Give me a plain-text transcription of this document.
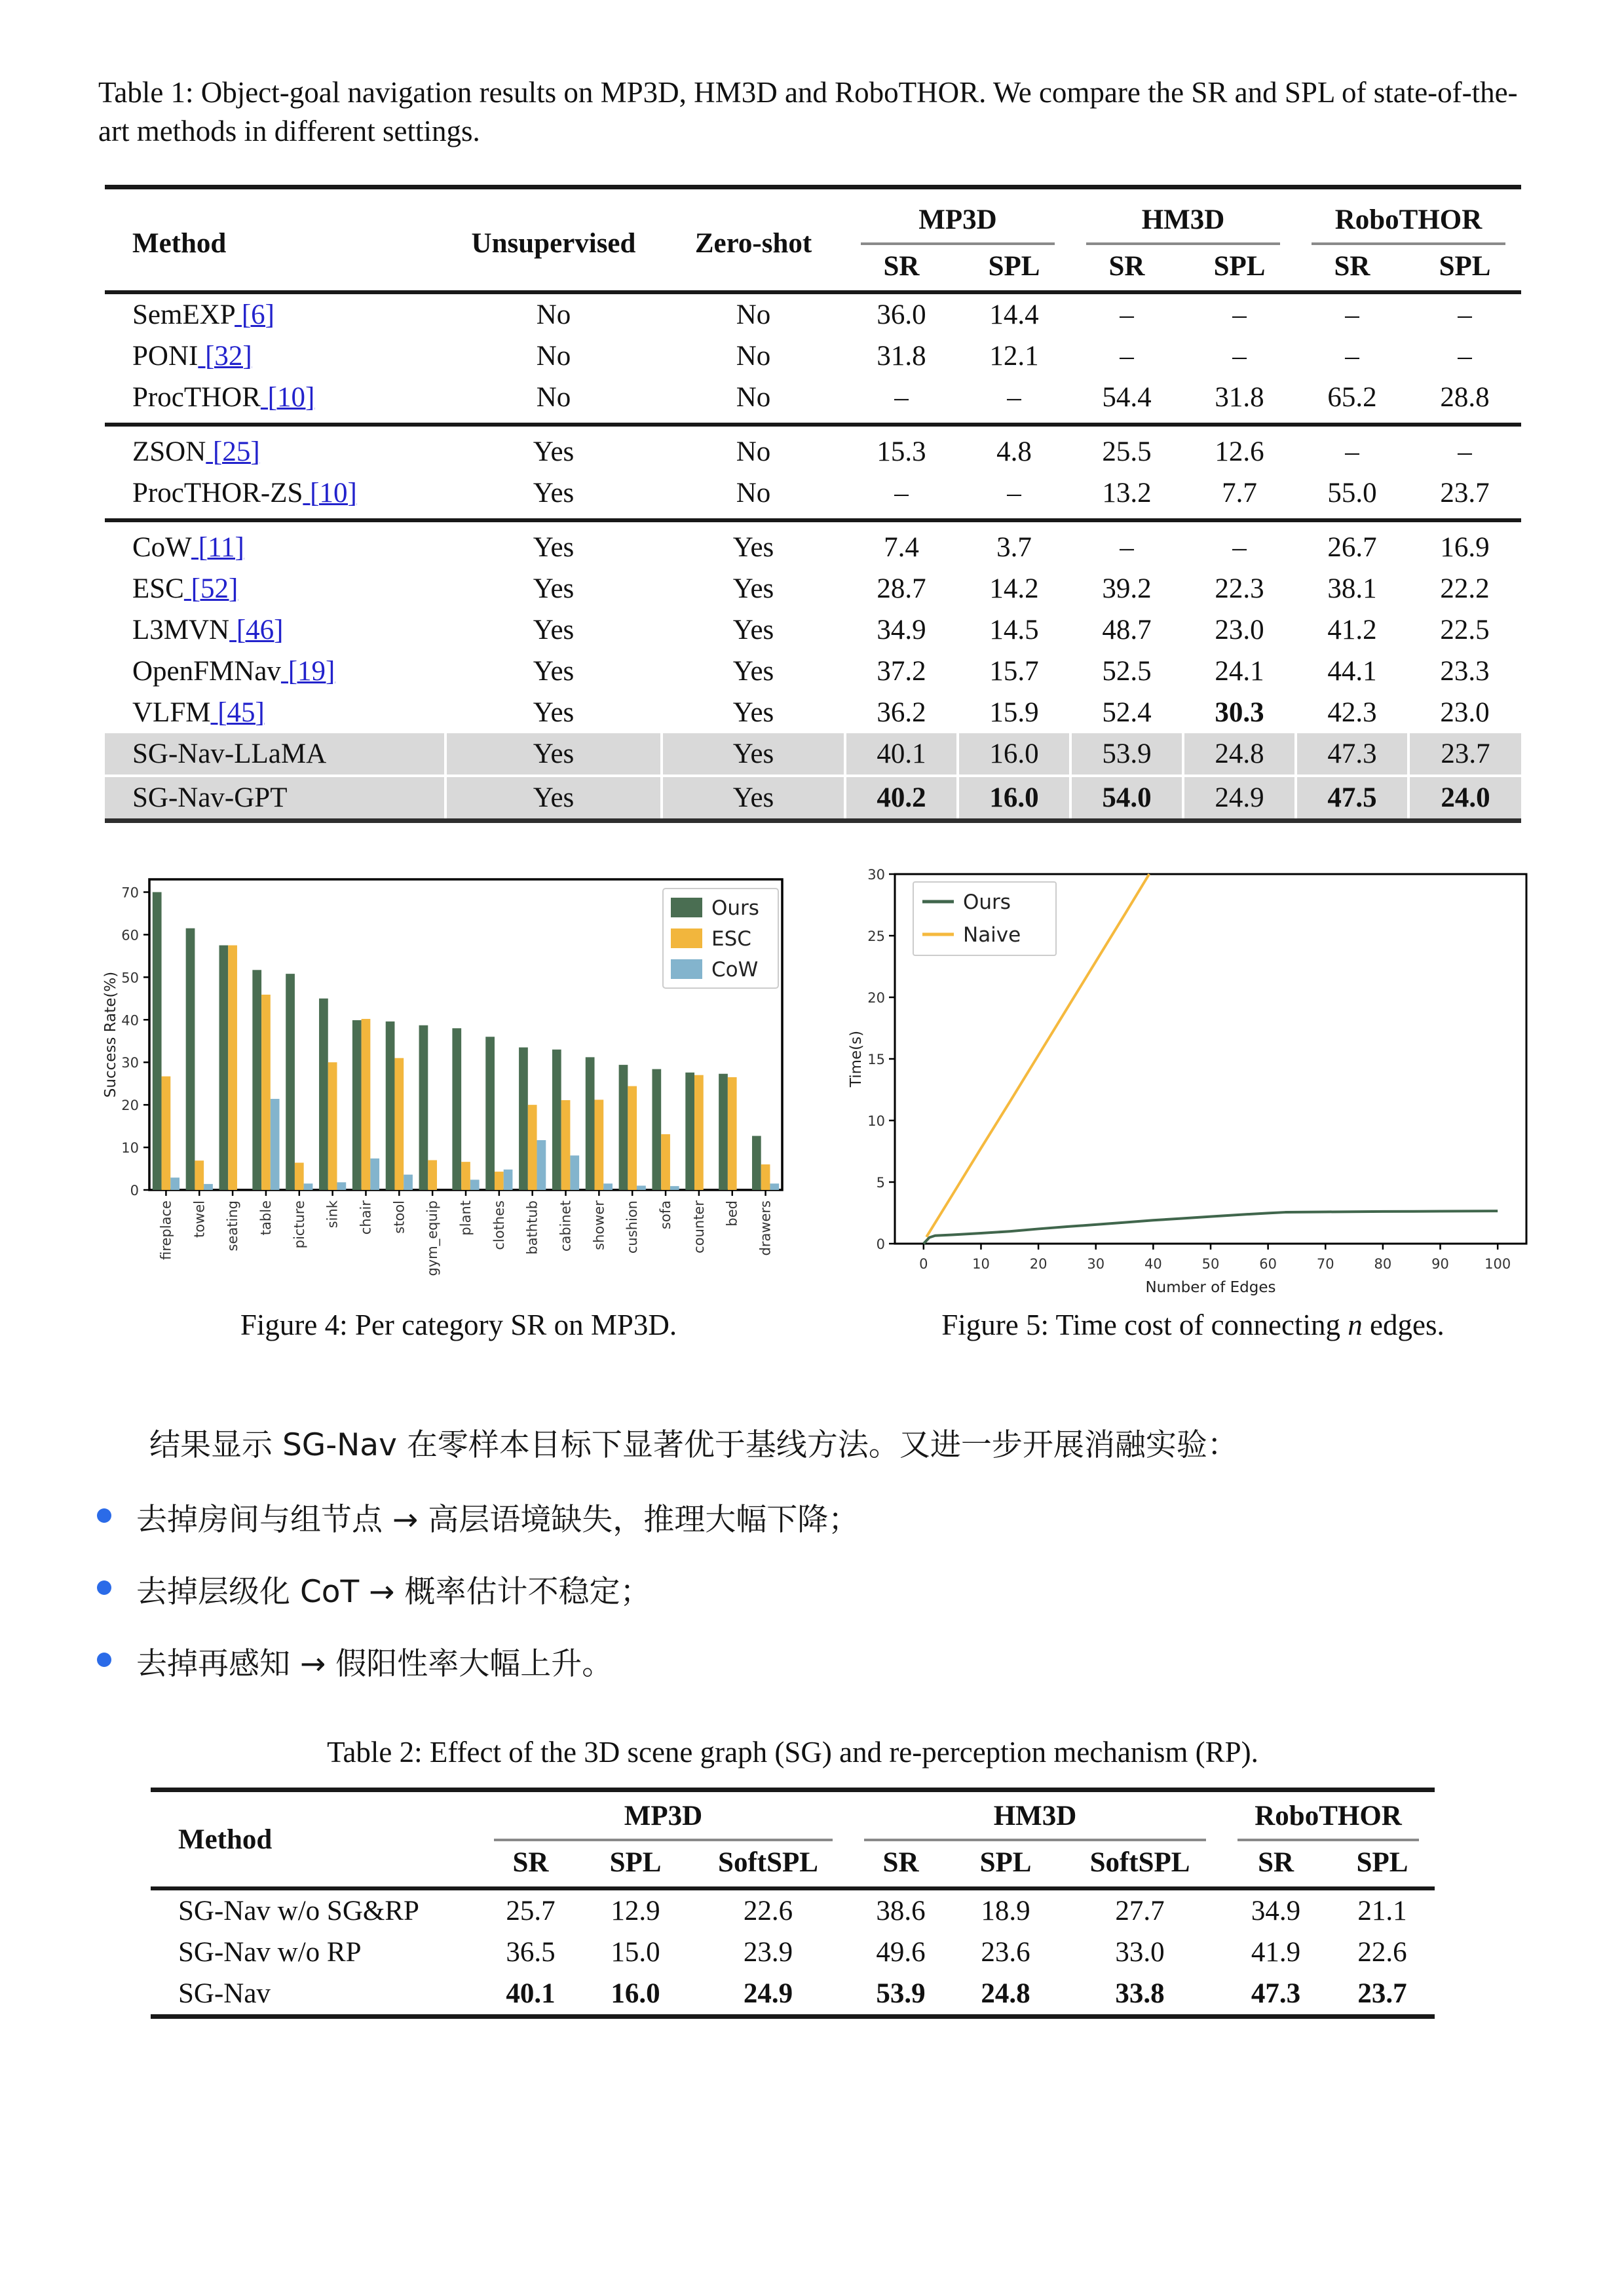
Table 1: Object-goal navigation results on MP3D, HM3D and RoboTHOR. We compare the SR and SPL of state-of-the-art methods in different settings.

Method	Unsupervised	Zero-shot	MP3D		HM3D		RoboTHOR	

			SR	SPL	SR	SPL	SR	SPL
SemEXP [6]	No	No	36.0	14.4	–	–	–	–
PONI [32]	No	No	31.8	12.1	–	–	–	–
ProcTHOR [10]	No	No	–	–	54.4	31.8	65.2	28.8
ZSON [25]	Yes	No	15.3	4.8	25.5	12.6	–	–
ProcTHOR-ZS [10]	Yes	No	–	–	13.2	7.7	55.0	23.7
CoW [11]	Yes	Yes	7.4	3.7	–	–	26.7	16.9
ESC [52]	Yes	Yes	28.7	14.2	39.2	22.3	38.1	22.2
L3MVN [46]	Yes	Yes	34.9	14.5	48.7	23.0	41.2	22.5
OpenFMNav [19]	Yes	Yes	37.2	15.7	52.5	24.1	44.1	23.3
VLFM [45]	Yes	Yes	36.2	15.9	52.4	30.3	42.3	23.0
SG-Nav-LLaMA	Yes	Yes	40.1	16.0	53.9	24.8	47.3	23.7
SG-Nav-GPT	Yes	Yes	40.2	16.0	54.0	24.9	47.5	24.0
0
10
20
30
40
50
60
70
Success Rate(%)
fireplace towel seating table picture sink chair stool gym_equip plant clothes bathtub cabinet shower cushion sofa counter bed drawers
Ours
ESC
CoW
0
5
10
15
20
25
30
0	10	20	30	40	50	60	70	80	90	100
Number of Edges
Time(s)
Ours
Naive

Figure 4: Per category SR on MP3D.	Figure 5: Time cost of connecting n edges.

结果显示 SG-Nav 在零样本目标下显著优于基线方法。又进一步开展消融实验：

去掉房间与组节点 → 高层语境缺失，推理大幅下降；
去掉层级化 CoT → 概率估计不稳定；
去掉再感知 → 假阳性率大幅上升。

Table 2: Effect of the 3D scene graph (SG) and re-perception mechanism (RP).

Method	MP3D			HM3D			RoboTHOR	

	SR	SPL	SoftSPL	SR	SPL	SoftSPL	SR	SPL
SG-Nav w/o SG&RP	25.7	12.9	22.6	38.6	18.9	27.7	34.9	21.1
SG-Nav w/o RP	36.5	15.0	23.9	49.6	23.6	33.0	41.9	22.6
SG-Nav	40.1	16.0	24.9	53.9	24.8	33.8	47.3	23.7
